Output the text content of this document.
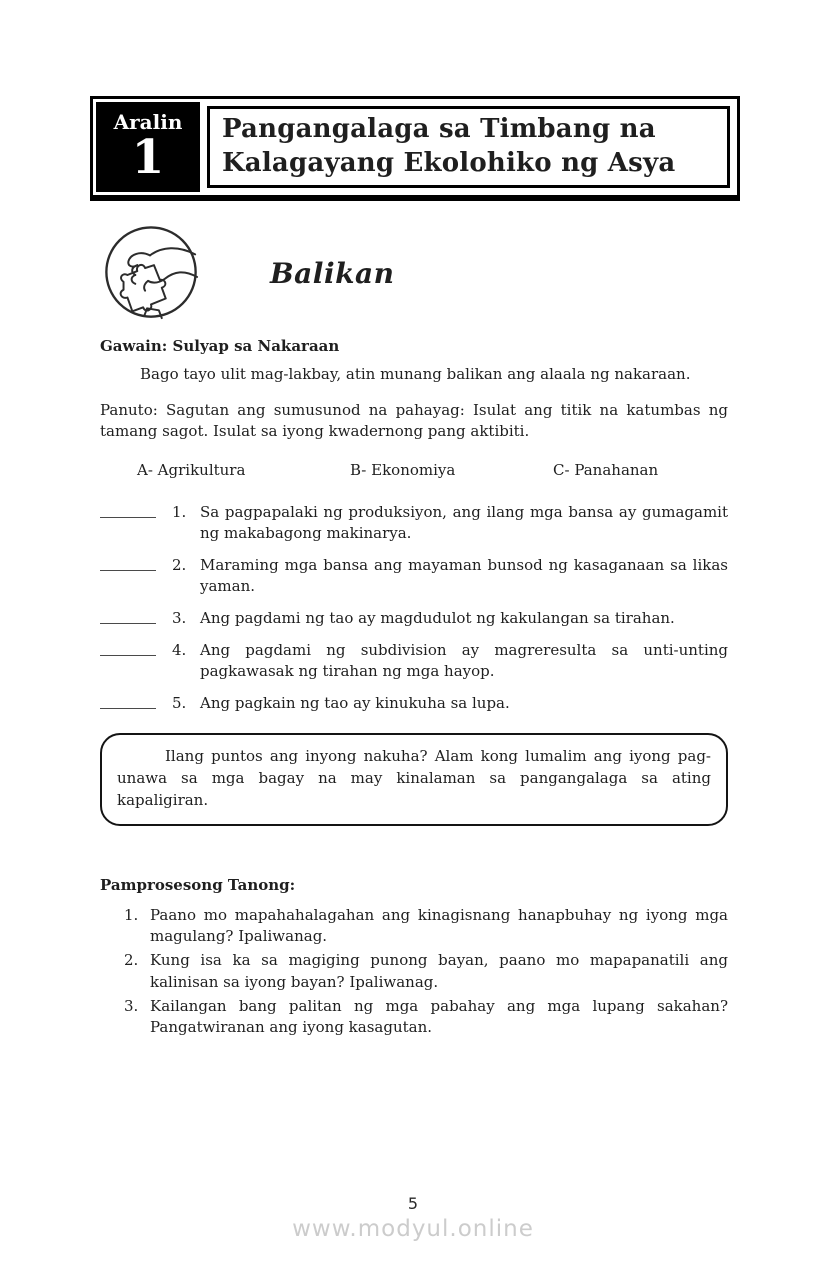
Aralin
1
Pangangalaga sa Timbang na Kalagayang Ekolohiko ng Asya
Balikan
Gawain: Sulyap sa Nakaraan

Bago tayo ulit mag-lakbay, atin munang balikan ang alaala ng nakaraan.

Panuto: Sagutan ang sumusunod na pahayag: Isulat ang titik na katumbas ng tamang sagot. Isulat sa iyong kwadernong pang aktibiti.

A- Agrikultura	B- Ekonomiya	C- Panahanan
1. Sa pagpapalaki ng produksiyon, ang ilang mga bansa ay gumagamit ng makabagong makinarya.
2. Maraming mga bansa ang mayaman bunsod ng kasaganaan sa likas yaman.
3. Ang pagdami ng tao ay magdudulot ng kakulangan sa tirahan.
4. Ang pagdami ng subdivision ay magreresulta sa unti-unting pagkawasak ng tirahan ng mga hayop.
5. Ang pagkain ng tao ay kinukuha sa lupa.
Ilang puntos ang inyong nakuha? Alam kong lumalim ang iyong pag-unawa sa mga bagay na may kinalaman sa pangangalaga sa ating kapaligiran.
Pamprosesong Tanong:
1. Paano mo mapahahalagahan ang kinagisnang hanapbuhay ng iyong mga magulang? Ipaliwanag.
2. Kung isa ka sa magiging punong bayan, paano mo mapapanatili ang kalinisan sa iyong bayan? Ipaliwanag.
3. Kailangan bang palitan ng mga pabahay ang mga lupang sakahan? Pangatwiranan ang iyong kasagutan.
5
www.modyul.online
